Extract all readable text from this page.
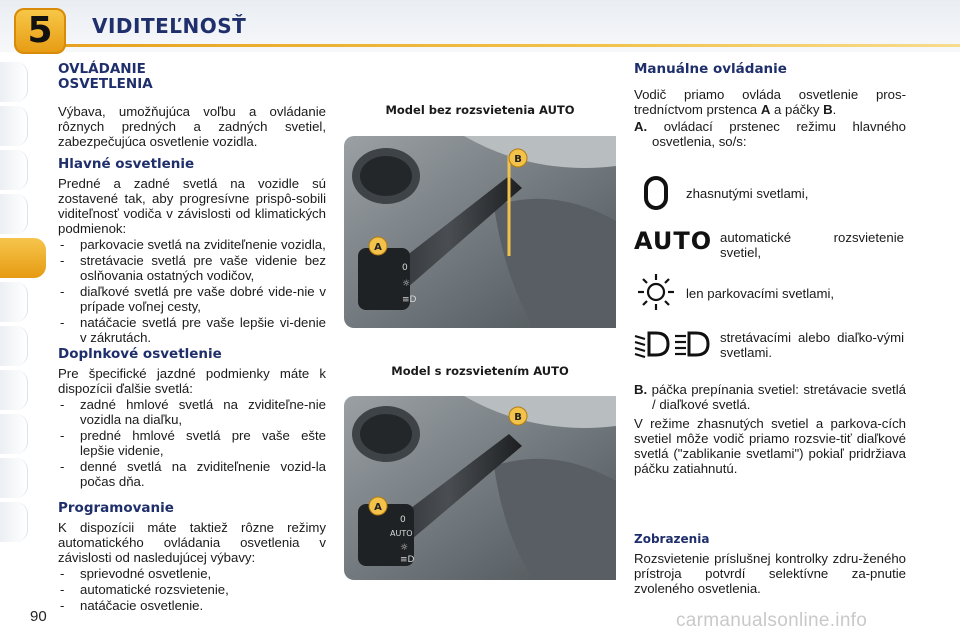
5	VIDITEĽNOSŤ
OVLÁDANIE
OSVETLENIA

Výbava, umožňujúca voľbu a ovládanie rôznych predných a zadných svetiel, zabezpečujúca osvetlenie vozidla.

Hlavné osvetlenie

Predné a zadné svetlá na vozidle sú zostavené tak, aby progresívne prispô-sobili viditeľnosť vodiča v závislosti od klimatických podmienok:

- parkovacie svetlá na zviditeľnenie vozidla,
- stretávacie svetlá pre vaše videnie bez oslňovania ostatných vodičov,
- diaľkové svetlá pre vaše dobré vide-nie v prípade voľnej cesty,
- natáčacie svetlá pre vaše lepšie vi-denie v zákrutách.
Doplnkové osvetlenie

Pre špecifické jazdné podmienky máte k dispozícii ďalšie svetlá:

- zadné hmlové svetlá na zviditeľne-nie vozidla na diaľku,
- predné hmlové svetlá pre vaše ešte lepšie videnie,
- denné svetlá na zviditeľnenie vozid-la počas dňa.
Programovanie

K dispozícii máte taktiež rôzne režimy automatického ovládania osvetlenia v závislosti od nasledujúcej výbavy:

- sprievodné osvetlenie,
- automatické rozsvietenie,
- natáčacie osvetlenie.
Model bez rozsvietenia AUTO
0
☼
≡D
B
A
Model s rozsvietením AUTO
0
AUTO
☼
≡D
B
A
Manuálne ovládanie

Vodič priamo ovláda osvetlenie pros-tredníctvom prstenca A a páčky B.

A. ovládací prstenec režimu hlavného osvetlenia, so/s:

zhasnutými svetlami,
AUTO automatické rozsvietenie svetiel,
len parkovacími svetlami,
stretávacími alebo diaľko-vými svetlami.

B. páčka prepínania svetiel: stretávacie svetlá / diaľkové svetlá.

V režime zhasnutých svetiel a parkova-cích svetiel môže vodič priamo rozsvie-tiť diaľkové svetlá ("zablikanie svetlami") pokiaľ pridržiava páčku zatiahnutú.

Zobrazenia

Rozsvietenie príslušnej kontrolky zdru-ženého prístroja potvrdí selektívne za-pnutie zvoleného osvetlenia.

90	carmanualsonline.info
